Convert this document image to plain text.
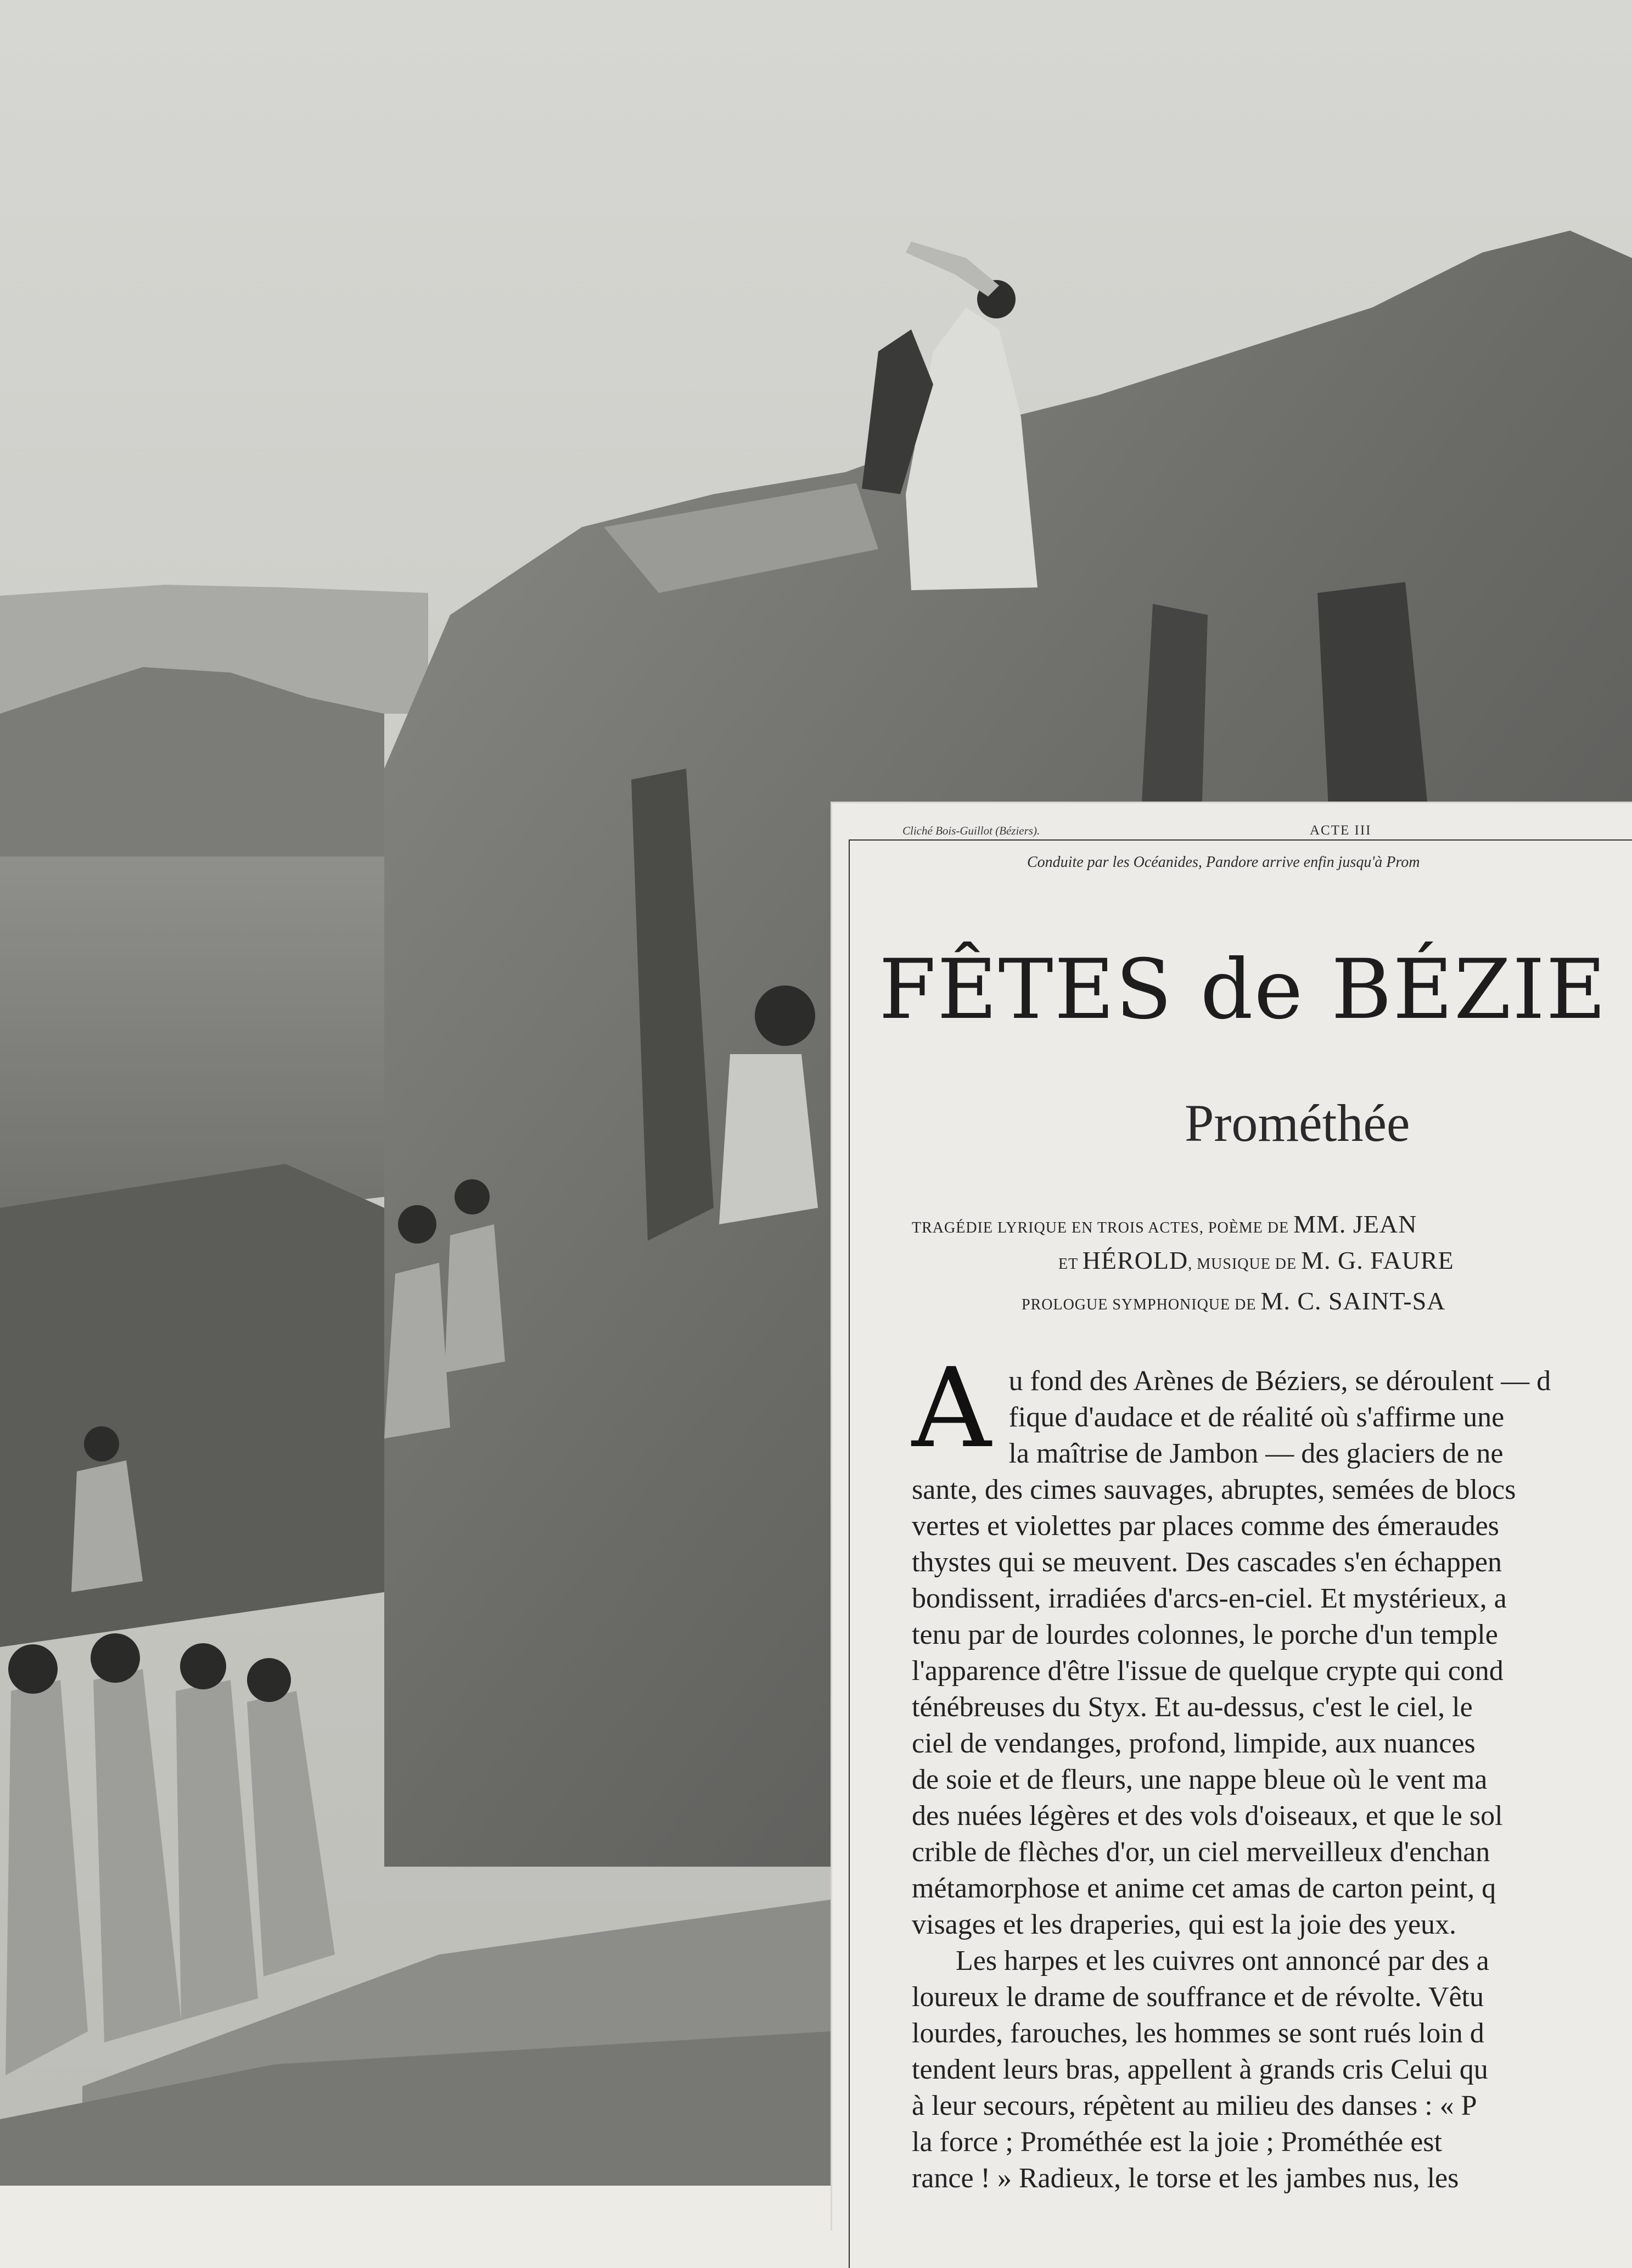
Cliché Bois-Guillot (Béziers).	ACTE III
Conduite par les Océanides, Pandore arrive enfin jusqu'à Prom
FÊTES de BÉZIE
Prométhée
TRAGÉDIE LYRIQUE EN TROIS ACTES, POÈME DE MM. JEAN
ET HÉROLD, MUSIQUE DE M. G. FAURE
PROLOGUE SYMPHONIQUE DE M. C. SAINT-SA
A u fond des Arènes de Béziers, se déroulent — d
fique d'audace et de réalité où s'affirme une
la maîtrise de Jambon — des glaciers de ne
sante, des cimes sauvages, abruptes, semées de blocs
vertes et violettes par places comme des émeraudes
thystes qui se meuvent. Des cascades s'en échappen
bondissent, irradiées d'arcs-en-ciel. Et mystérieux, a
tenu par de lourdes colonnes, le porche d'un temple
l'apparence d'être l'issue de quelque crypte qui cond
ténébreuses du Styx. Et au-dessus, c'est le ciel, le
ciel de vendanges, profond, limpide, aux nuances
de soie et de fleurs, une nappe bleue où le vent ma
des nuées légères et des vols d'oiseaux, et que le sol
crible de flèches d'or, un ciel merveilleux d'enchan
métamorphose et anime cet amas de carton peint, q
visages et les draperies, qui est la joie des yeux.
Les harpes et les cuivres ont annoncé par des a
loureux le drame de souffrance et de révolte. Vêtu
lourdes, farouches, les hommes se sont rués loin d
tendent leurs bras, appellent à grands cris Celui qu
à leur secours, répètent au milieu des danses : « P
la force ; Prométhée est la joie ; Prométhée est
rance ! » Radieux, le torse et les jambes nus, les
